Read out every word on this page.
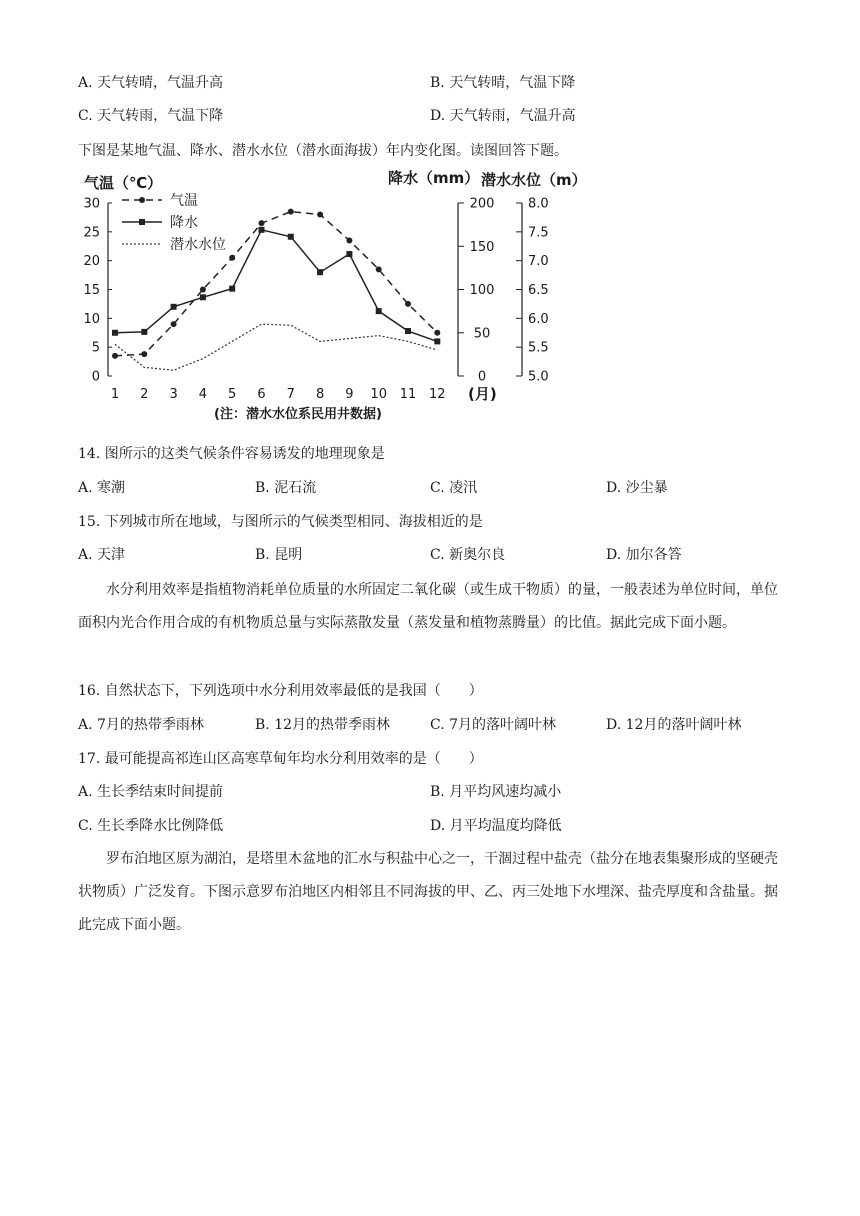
A. 天气转晴，气温升高	B. 天气转晴，气温下降
C. 天气转雨，气温下降	D. 天气转雨，气温升高
下图是某地气温、降水、潜水水位（潜水面海拔）年内变化图。读图回答下题。
气温（℃）	降水（mm） 潜水水位（m）
0
5
10
15
20
25
30
0
50
100
150
200
5.0
5.5
6.0
6.5
7.0
7.5
8.0
1 2 3 4 5 6 7 8 9 10 11 12 (月)
(注：潜水水位系民用井数据)
气温
降水
潜水水位
14. 图所示的这类气候条件容易诱发的地理现象是
A. 寒潮	B. 泥石流	C. 凌汛	D. 沙尘暴
15. 下列城市所在地域，与图所示的气候类型相同、海拔相近的是
A. 天津	B. 昆明	C. 新奥尔良	D. 加尔各答
水分利用效率是指植物消耗单位质量的水所固定二氧化碳（或生成干物质）的量，一般表述为单位时间，单位面积内光合作用合成的有机物质总量与实际蒸散发量（蒸发量和植物蒸腾量）的比值。据此完成下面小题。
16. 自然状态下，下列选项中水分利用效率最低的是我国（　　）
A. 7月的热带季雨林	B. 12月的热带季雨林	C. 7月的落叶阔叶林	D. 12月的落叶阔叶林
17. 最可能提高祁连山区高寒草甸年均水分利用效率的是（　　）
A. 生长季结束时间提前	B. 月平均风速均减小
C. 生长季降水比例降低	D. 月平均温度均降低
罗布泊地区原为湖泊，是塔里木盆地的汇水与积盐中心之一，干涸过程中盐壳（盐分在地表集聚形成的坚硬壳状物质）广泛发育。下图示意罗布泊地区内相邻且不同海拔的甲、乙、丙三处地下水埋深、盐壳厚度和含盐量。据此完成下面小题。
